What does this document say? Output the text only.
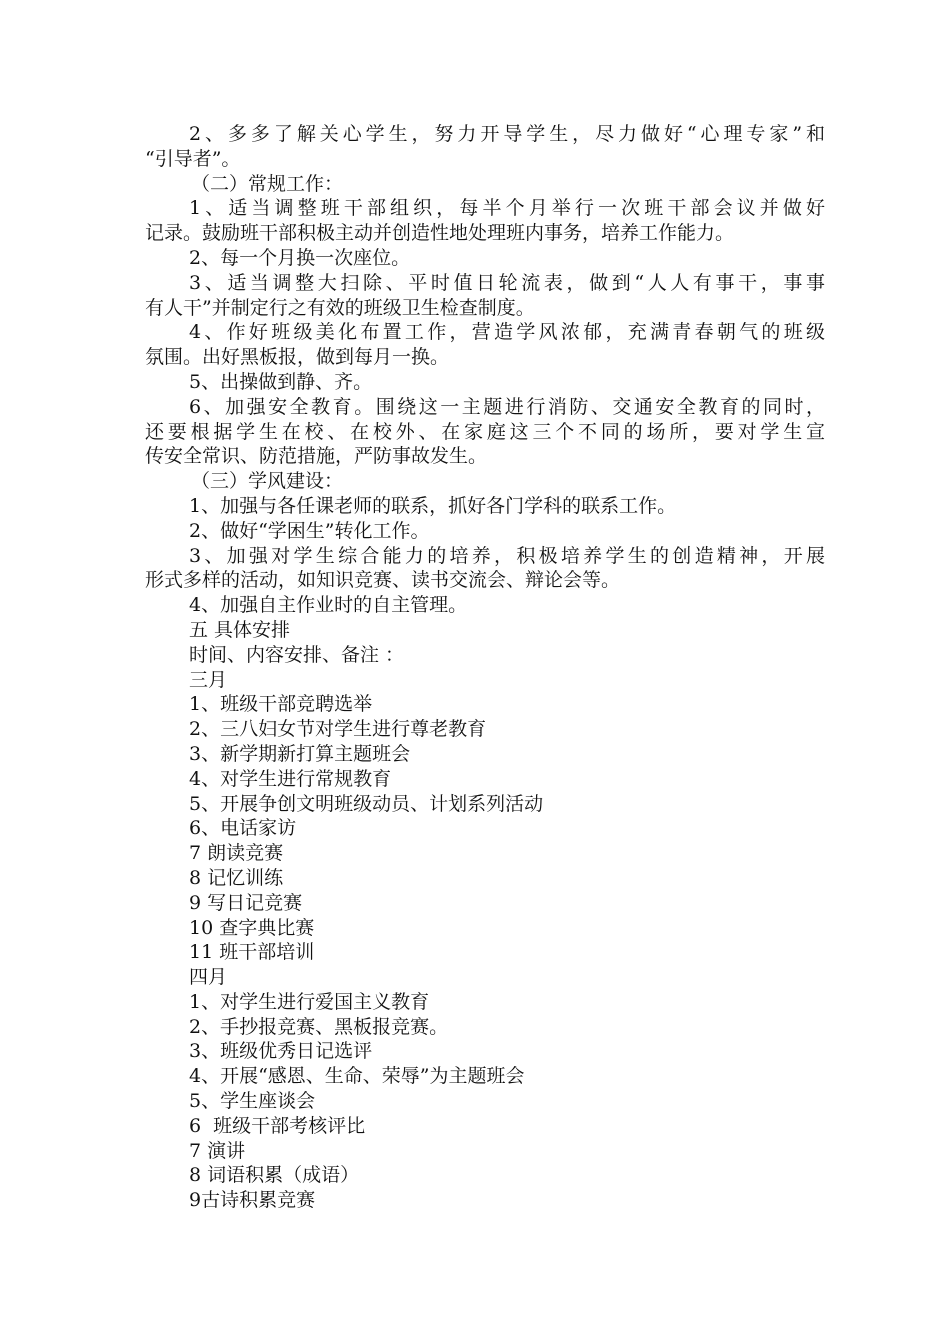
2、多多了解关心学生，努力开导学生，尽力做好“心理专家”和
“引导者”。
（二）常规工作：
1、适当调整班干部组织，每半个月举行一次班干部会议并做好
记录。鼓励班干部积极主动并创造性地处理班内事务，培养工作能力。
2、每一个月换一次座位。
3、适当调整大扫除、平时值日轮流表，做到“人人有事干，事事
有人干”并制定行之有效的班级卫生检查制度。
4、作好班级美化布置工作，营造学风浓郁，充满青春朝气的班级
氛围。出好黑板报，做到每月一换。
5、出操做到静、齐。
6、加强安全教育。围绕这一主题进行消防、交通安全教育的同时，
还要根据学生在校、在校外、在家庭这三个不同的场所，要对学生宣
传安全常识、防范措施，严防事故发生。
（三）学风建设：
1、加强与各任课老师的联系，抓好各门学科的联系工作。
2、做好“学困生”转化工作。
3、加强对学生综合能力的培养，积极培养学生的创造精神，开展
形式多样的活动，如知识竞赛、读书交流会、辩论会等。
4、加强自主作业时的自主管理。
五 具体安排
时间、内容安排、备注 ：
三月
1、班级干部竞聘选举
2、三八妇女节对学生进行尊老教育
3、新学期新打算主题班会
4、对学生进行常规教育
5、开展争创文明班级动员、计划系列活动
6、电话家访
7 朗读竞赛
8 记忆训练
9 写日记竞赛
10 查字典比赛
11 班干部培训
四月
1、对学生进行爱国主义教育
2、手抄报竞赛、黑板报竞赛。
3、班级优秀日记选评
4、开展“感恩、生命、荣辱”为主题班会
5、学生座谈会
6  班级干部考核评比
7 演讲
8 词语积累（成语）
9古诗积累竞赛
